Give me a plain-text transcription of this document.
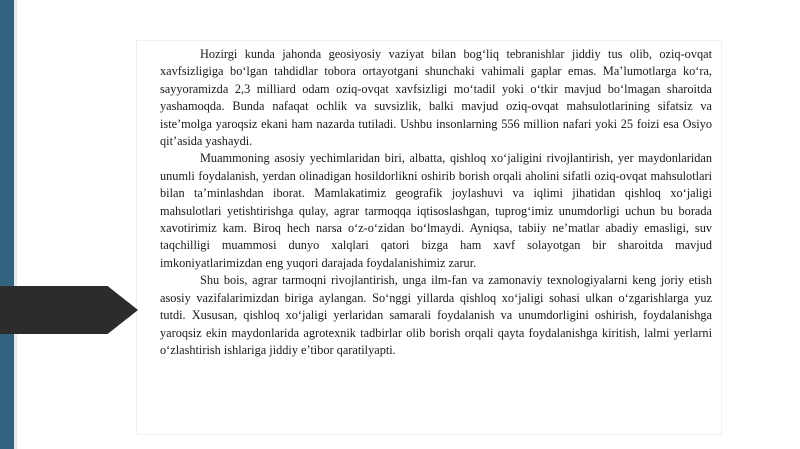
Hozirgi kunda jahonda geosiyosiy vaziyat bilan bog‘liq tebranishlar jiddiy tus olib, oziq-ovqat xavfsizligiga bo‘lgan tahdidlar tobora ortayotgani shunchaki vahimali gaplar emas. Ma’lumotlarga ko‘ra, sayyoramizda 2,3 milliard odam oziq-ovqat xavfsizligi mo‘tadil yoki o‘tkir mavjud bo‘lmagan sharoitda yashamoqda. Bunda nafaqat ochlik va suvsizlik, balki mavjud oziq-ovqat mahsulotlarining sifatsiz va iste’molga yaroqsiz ekani ham nazarda tutiladi. Ushbu insonlarning 556 million nafari yoki 25 foizi esa Osiyo qit’asida yashaydi.

Muammoning asosiy yechimlaridan biri, albatta, qishloq xo‘jaligini rivojlantirish, yer maydonlaridan unumli foydalanish, yerdan olinadigan hosildorlikni oshirib borish orqali aholini sifatli oziq-ovqat mahsulotlari bilan ta’minlashdan iborat. Mamlakatimiz geografik joylashuvi va iqlimi jihatidan qishloq xo‘jaligi mahsulotlari yetishtirishga qulay, agrar tarmoqqa iqtisoslashgan, tuprog‘imiz unumdorligi uchun bu borada xavotirimiz kam. Biroq hech narsa o‘z-o‘zidan bo‘lmaydi. Ayniqsa, tabiiy ne’matlar abadiy emasligi, suv taqchilligi muammosi dunyo xalqlari qatori bizga ham xavf solayotgan bir sharoitda mavjud imkoniyatlarimizdan eng yuqori darajada foydalanishimiz zarur.

Shu bois, agrar tarmoqni rivojlantirish, unga ilm-fan va zamonaviy texnologiyalarni keng joriy etish asosiy vazifalarimizdan biriga aylangan. So‘nggi yillarda qishloq xo‘jaligi sohasi ulkan o‘zgarishlarga yuz tutdi. Xususan, qishloq xo‘jaligi yerlaridan samarali foydalanish va unumdorligini oshirish, foydalanishga yaroqsiz ekin maydonlarida agrotexnik tadbirlar olib borish orqali qayta foydalanishga kiritish, lalmi yerlarni o‘zlashtirish ishlariga jiddiy e’tibor qaratilyapti.
